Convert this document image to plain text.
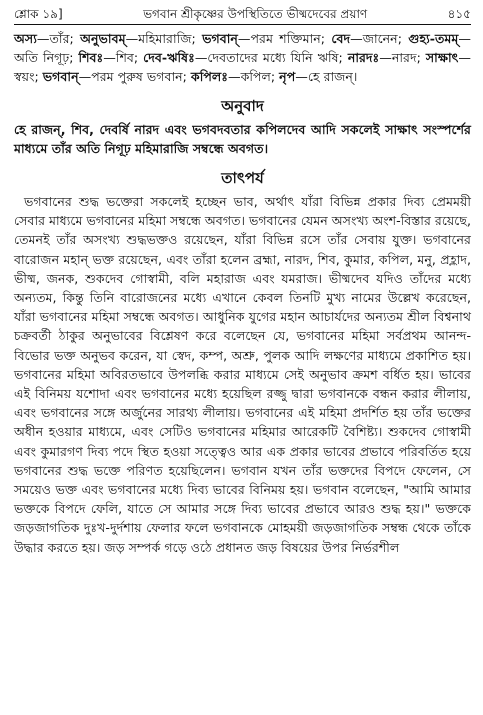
শ্লোক ১৯]	ভগবান শ্রীকৃষ্ণের উপস্থিতিতে ভীষ্মদেবের প্রয়াণ	৪১৫

অস্য—তাঁর; অনুভাবম্—মহিমারাজি; ভগবান্—পরম শক্তিমান; বেদ—জানেন; গুহ্য-তমম্—অতি নিগূঢ়; শিবঃ—শিব; দেব-ঋষিঃ—দেবতাদের মধ্যে যিনি ঋষি; নারদঃ—নারদ; সাক্ষাৎ—স্বয়ং; ভগবান্—পরম পুরুষ ভগবান; কপিলঃ—কপিল; নৃপ—হে রাজন্।

অনুবাদ

হে রাজন্, শিব, দেবর্ষি নারদ এবং ভগবদবতার কপিলদেব আদি সকলেই সাক্ষাৎ সংস্পর্শের মাধ্যমে তাঁর অতি নিগূঢ় মহিমারাজি সম্বন্ধে অবগত।

তাৎপর্য

ভগবানের শুদ্ধ ভক্তেরা সকলেই হচ্ছেন ভাব, অর্থাৎ যাঁরা বিভিন্ন প্রকার দিব্য প্রেমময়ী সেবার মাধ্যমে ভগবানের মহিমা সম্বন্ধে অবগত। ভগবানের যেমন অসংখ্য অংশ-বিস্তার রয়েছে, তেমনই তাঁর অসংখ্য শুদ্ধভক্তও রয়েছেন, যাঁরা বিভিন্ন রসে তাঁর সেবায় যুক্ত। ভগবানের বারোজন মহান্ ভক্ত রয়েছেন, এবং তাঁরা হলেন ব্রহ্মা, নারদ, শিব, কুমার, কপিল, মনু, প্রহ্লাদ, ভীষ্ম, জনক, শুকদেব গোস্বামী, বলি মহারাজ এবং যমরাজ। ভীষ্মদেব যদিও তাঁদের মধ্যে অন্যতম, কিন্তু তিনি বারোজনের মধ্যে এখানে কেবল তিনটি মুখ্য নামের উল্লেখ করেছেন, যাঁরা ভগবানের মহিমা সম্বন্ধে অবগত। আধুনিক যুগের মহান আচার্যদের অন্যতম শ্রীল বিশ্বনাথ চক্রবর্তী ঠাকুর অনুভাবের বিশ্লেষণ করে বলেছেন যে, ভগবানের মহিমা সর্বপ্রথম আনন্দ-বিভোর ভক্ত অনুভব করেন, যা স্বেদ, কম্প, অশ্রু, পুলক আদি লক্ষণের মাধ্যমে প্রকাশিত হয়। ভগবানের মহিমা অবিরতভাবে উপলব্ধি করার মাধ্যমে সেই অনুভাব ক্রমশ বর্ধিত হয়। ভাবের এই বিনিময় যশোদা এবং ভগবানের মধ্যে হয়েছিল রজ্জু দ্বারা ভগবানকে বন্ধন করার লীলায়, এবং ভগবানের সঙ্গে অর্জুনের সারথ্য লীলায়। ভগবানের এই মহিমা প্রদর্শিত হয় তাঁর ভক্তের অধীন হওয়ার মাধ্যমে, এবং সেটিও ভগবানের মহিমার আরেকটি বৈশিষ্ট্য। শুকদেব গোস্বামী এবং কুমারগণ দিব্য পদে স্থিত হওয়া সত্ত্বেও আর এক প্রকার ভাবের প্রভাবে পরিবর্তিত হয়ে ভগবানের শুদ্ধ ভক্তে পরিণত হয়েছিলেন। ভগবান যখন তাঁর ভক্তদের বিপদে ফেলেন, সে সময়েও ভক্ত এবং ভগবানের মধ্যে দিব্য ভাবের বিনিময় হয়। ভগবান বলেছেন, "আমি আমার ভক্তকে বিপদে ফেলি, যাতে সে আমার সঙ্গে দিব্য ভাবের প্রভাবে আরও শুদ্ধ হয়।" ভক্তকে জড়জাগতিক দুঃখ-দুর্দশায় ফেলার ফলে ভগবানকে মোহময়ী জড়জাগতিক সম্বন্ধ থেকে তাঁকে উদ্ধার করতে হয়। জড় সম্পর্ক গড়ে ওঠে প্রধানত জড় বিষয়ের উপর নির্ভরশীল
